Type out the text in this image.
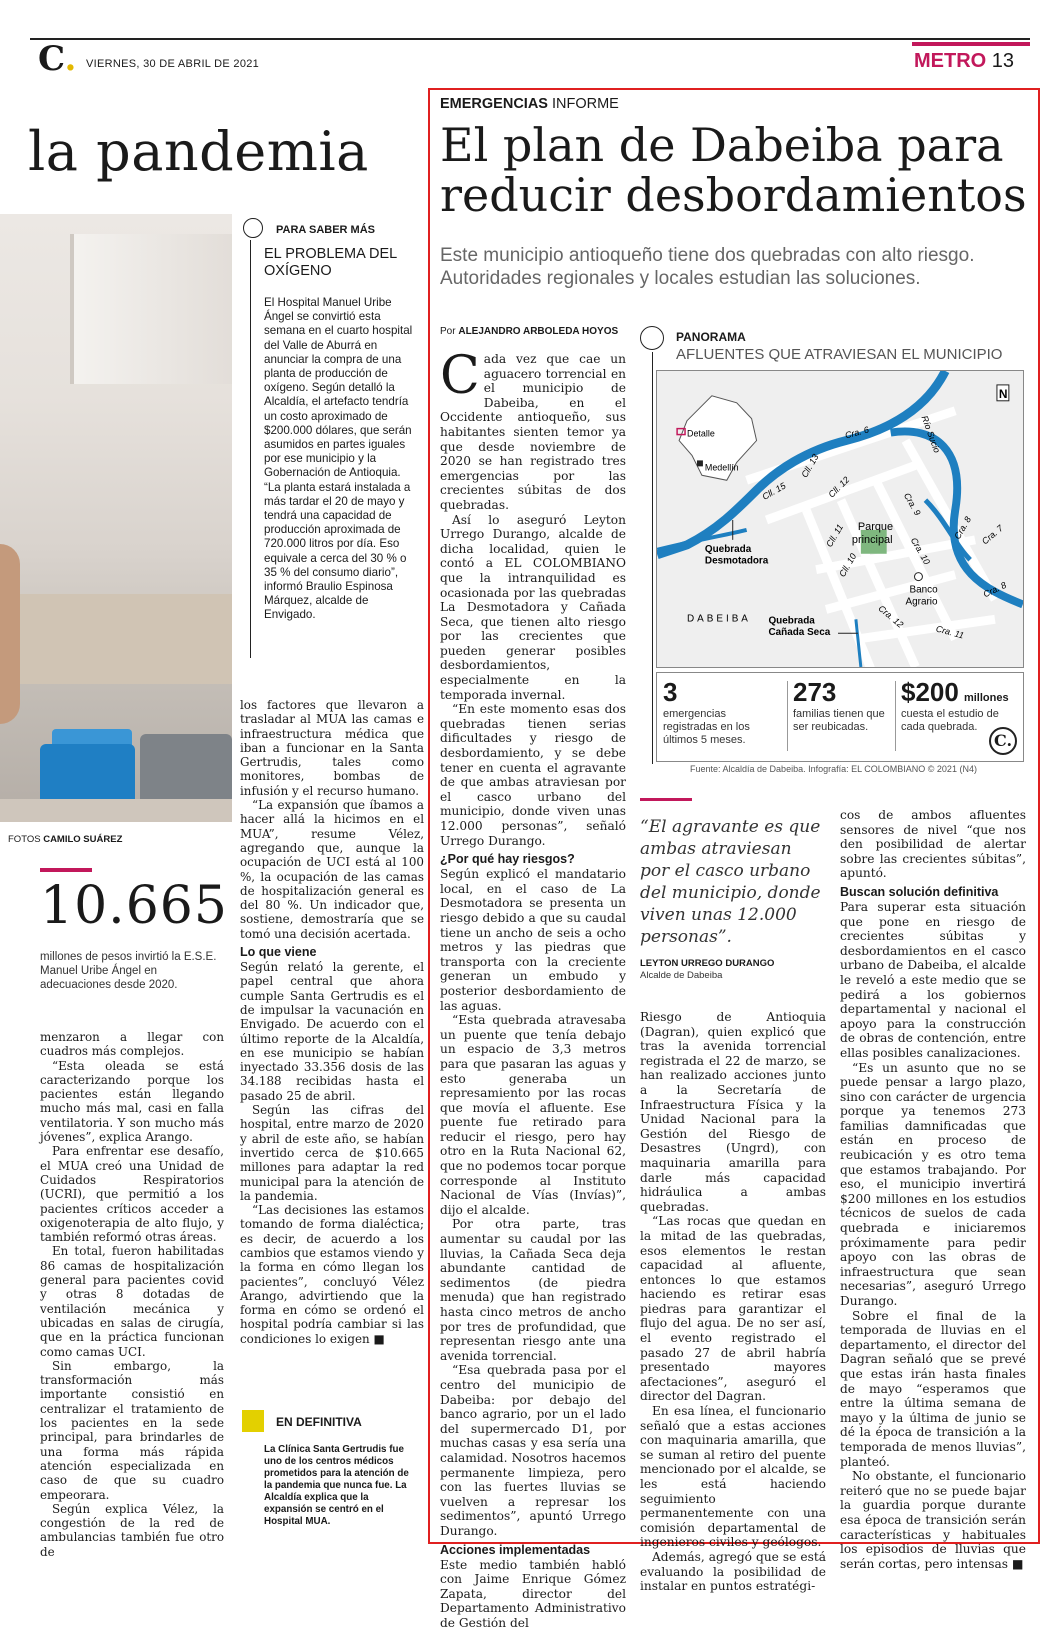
C. VIERNES, 30 DE ABRIL DE 2021	METRO 13
la pandemia
FOTOS CAMILO SUÁREZ
10.665
millones de pesos invirtió la E.S.E. Manuel Uribe Ángel en adecuaciones desde 2020.

menzaron a llegar con cuadros más complejos.

“Esta oleada se está caracterizando porque los pacientes están llegando mucho más mal, casi en falla ventilatoria. Y son mucho más jóvenes”, explica Arango.

Para enfrentar ese desafío, el MUA creó una Unidad de Cuidados Respiratorios (UCRI), que permitió a los pacientes críticos acceder a oxigenoterapia de alto flujo, y también reformó otras áreas.

En total, fueron habilitadas 86 camas de hospitalización general para pacientes covid y otras 8 dotadas de ventilación mecánica y ubicadas en salas de cirugía, que en la práctica funcionan como camas UCI.

Sin embargo, la transformación más importante consistió en centralizar el tratamiento de los pacientes en la sede principal, para brindarles de una forma más rápida atención especializada en caso de que su cuadro empeorara.

Según explica Vélez, la congestión de la red de ambulancias también fue otro de

PARA SABER MÁS
EL PROBLEMA DEL OXÍGENO

El Hospital Manuel Uribe Ángel se convirtió esta semana en el cuarto hospital del Valle de Aburrá en anunciar la compra de una planta de producción de oxígeno. Según detalló la Alcaldía, el artefacto tendría un costo aproximado de $200.000 dólares, que serán asumidos en partes iguales por ese municipio y la Gobernación de Antioquia.

“La planta estará instalada a más tardar el 20 de mayo y tendrá una capacidad de producción aproximada de 720.000 litros por día. Eso equivale a cerca del 30 % o 35 % del consumo diario”, informó Braulio Espinosa Márquez, alcalde de Envigado.

los factores que llevaron a trasladar al MUA las camas e infraestructura médica que iban a funcionar en la Santa Gertrudis, tales como monitores, bombas de infusión y el recurso humano.

“La expansión que íbamos a hacer allá la hicimos en el MUA”, resume Vélez, agregando que, aunque la ocupación de UCI está al 100 %, la ocupación de las camas de hospitalización general es del 80 %. Un indicador que, sostiene, demostraría que se tomó una decisión acertada.

Lo que viene

Según relató la gerente, el papel central que ahora cumple Santa Gertrudis es el de impulsar la vacunación en Envigado. De acuerdo con el último reporte de la Alcaldía, en ese municipio se habían inyectado 33.356 dosis de las 34.188 recibidas hasta el pasado 25 de abril.

Según las cifras del hospital, entre marzo de 2020 y abril de este año, se habían invertido cerca de $10.665 millones para adaptar la red municipal para la atención de la pandemia.

“Las decisiones las estamos tomando de forma dialéctica; es decir, de acuerdo a los cambios que estamos viendo y la forma en cómo llegan los pacientes”, concluyó Vélez Arango, advirtiendo que la forma en cómo se ordenó el hospital podría cambiar si las condiciones lo exigen ■

EN DEFINITIVA
La Clínica Santa Gertrudis fue uno de los centros médicos prometidos para la atención de la pandemia que nunca fue. La Alcaldía explica que la expansión se centró en el Hospital MUA.
EMERGENCIAS INFORME
El plan de Dabeiba para reducir desbordamientos
Este municipio antioqueño tiene dos quebradas con alto riesgo. Autoridades regionales y locales estudian las soluciones.
Por ALEJANDRO ARBOLEDA HOYOS

Cada vez que cae un aguacero torrencial en el municipio de Dabeiba, en el Occidente antioqueño, sus habitantes sienten temor ya que desde noviembre de 2020 se han registrado tres emergencias por las crecientes súbitas de dos quebradas.

Así lo aseguró Leyton Urrego Durango, alcalde de dicha localidad, quien le contó a EL COLOMBIANO que la intranquilidad es ocasionada por las quebradas La Desmotadora y Cañada Seca, que tienen alto riesgo por las crecientes que pueden generar posibles desbordamientos, especialmente en la temporada invernal.

“En este momento esas dos quebradas tienen serias dificultades y riesgo de desbordamiento, y se debe tener en cuenta el agravante de que ambas atraviesan por el casco urbano del municipio, donde viven unas 12.000 personas”, señaló Urrego Durango.

¿Por qué hay riesgos?

Según explicó el mandatario local, en el caso de La Desmotadora se presenta un riesgo debido a que su caudal tiene un ancho de seis a ocho metros y las piedras que transporta con la creciente generan un embudo y posterior desbordamiento de las aguas.

“Esta quebrada atravesaba un puente que tenía debajo un espacio de 3,3 metros para que pasaran las aguas y esto generaba un represamiento por las rocas que movía el afluente. Ese puente fue retirado para reducir el riesgo, pero hay otro en la Ruta Nacional 62, que no podemos tocar porque corresponde al Instituto Nacional de Vías (Invías)”, dijo el alcalde.

Por otra parte, tras aumentar su caudal por las lluvias, la Cañada Seca deja abundante cantidad de sedimentos (de piedra menuda) que han registrado hasta cinco metros de ancho por tres de profundidad, que representan riesgo ante una avenida torrencial.

“Esa quebrada pasa por el centro del municipio de Dabeiba: por debajo del banco agrario, por un el lado del supermercado D1, por muchas casas y esa sería una calamidad. Nosotros hacemos permanente limpieza, pero con las fuertes lluvias se vuelven a represar los sedimentos”, apuntó Urrego Durango.

Acciones implementadas

Este medio también habló con Jaime Enrique Gómez Zapata, director del Departamento Administrativo de Gestión del

PANORAMA
AFLUENTES QUE ATRAVIESAN EL MUNICIPIO
N
Detalle
Medellín
Parque principal
Banco Agrario
DABEIBA
Quebrada Desmotadora
Quebrada Cañada Seca
Río Sucio
Cra. 6
Cra. 7
Cra. 8
Cra. 9
Cra. 10
Cra. 11
Cra. 12
Cll. 10
Cll. 11
Cll. 12
Cll. 13
Cll. 15
Cra. 8
3
emergencias registradas en los últimos 5 meses.
273
familias tienen que ser reubicadas.
$200 millones
cuesta el estudio de cada quebrada.
C.
Fuente: Alcaldía de Dabeiba. Infografía: EL COLOMBIANO © 2021 (N4)
“El agravante es que ambas atraviesan por el casco urbano del municipio, donde viven unas 12.000 personas”.
LEYTON URREGO DURANGO
Alcalde de Dabeiba

Riesgo de Antioquia (Dagran), quien explicó que tras la avenida torrencial registrada el 22 de marzo, se han realizado acciones junto a la Secretaría de Infraestructura Física y la Unidad Nacional para la Gestión del Riesgo de Desastres (Ungrd), con maquinaria amarilla para darle más capacidad hidráulica a ambas quebradas.

“Las rocas que quedan en la mitad de las quebradas, esos elementos le restan capacidad al afluente, entonces lo que estamos haciendo es retirar esas piedras para garantizar el flujo del agua. De no ser así, el evento registrado el pasado 27 de abril habría presentado mayores afectaciones”, aseguró el director del Dagran.

En esa línea, el funcionario señaló que a estas acciones con maquinaria amarilla, que se suman al retiro del puente mencionado por el alcalde, se les está haciendo seguimiento permanentemente con una comisión departamental de ingenieros civiles y geólogos.

Además, agregó que se está evaluando la posibilidad de instalar en puntos estratégi-

cos de ambos afluentes sensores de nivel “que nos den posibilidad de alertar sobre las crecientes súbitas”, apuntó.

Buscan solución definitiva

Para superar esta situación que pone en riesgo de crecientes súbitas y desbordamientos en el casco urbano de Dabeiba, el alcalde le reveló a este medio que se pedirá a los gobiernos departamental y nacional el apoyo para la construcción de obras de contención, entre ellas posibles canalizaciones.

“Es un asunto que no se puede pensar a largo plazo, sino con carácter de urgencia porque ya tenemos 273 familias damnificadas que están en proceso de reubicación y es otro tema que estamos trabajando. Por eso, el municipio invertirá $200 millones en los estudios técnicos de suelos de cada quebrada e iniciaremos próximamente para pedir apoyo con las obras de infraestructura que sean necesarias”, aseguró Urrego Durango.

Sobre el final de la temporada de lluvias en el departamento, el director del Dagran señaló que se prevé que estas irán hasta finales de mayo “esperamos que entre la última semana de mayo y la última de junio se dé la época de transición a la temporada de menos lluvias”, planteó.

No obstante, el funcionario reiteró que no se puede bajar la guardia porque durante esa época de transición serán características y habituales los episodios de lluvias que serán cortas, pero intensas ■
